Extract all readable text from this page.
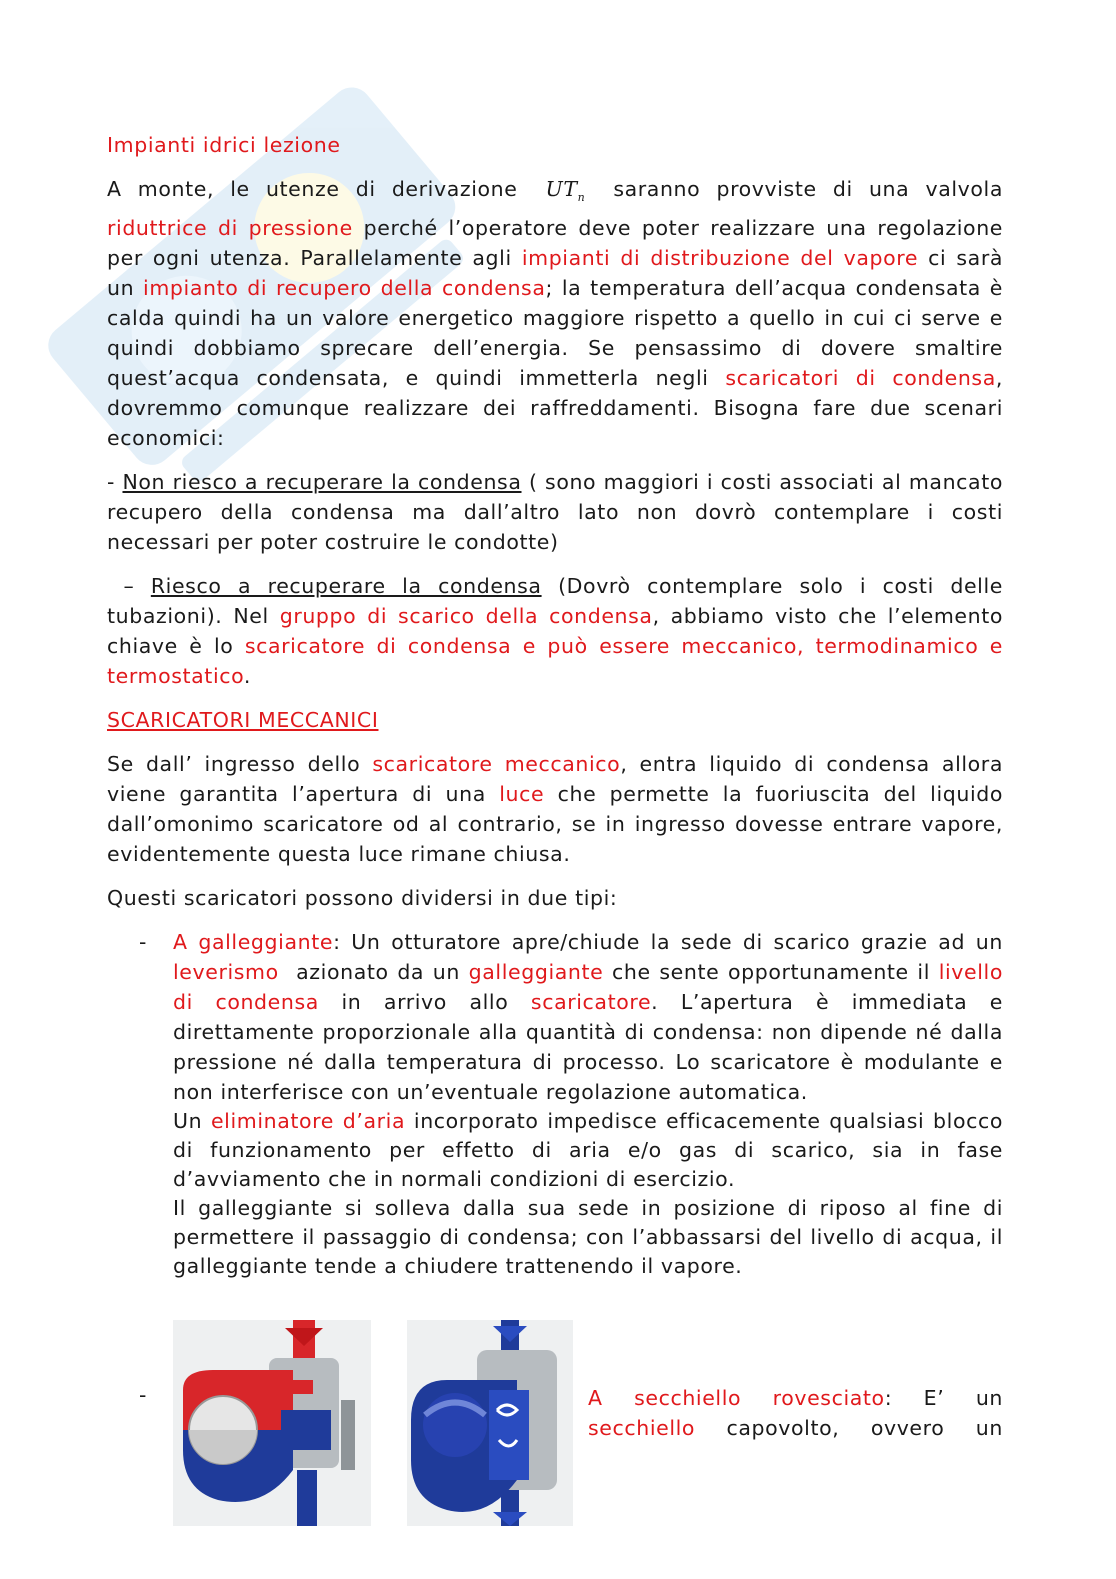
Impianti idrici lezione

A monte, le utenze di derivazione $UT_n$ saranno provviste di una valvola riduttrice di pressione perché l’operatore deve poter realizzare una regolazione per ogni utenza. Parallelamente agli impianti di distribuzione del vapore ci sarà un impianto di recupero della condensa; la temperatura dell’acqua condensata è calda quindi ha un valore energetico maggiore rispetto a quello in cui ci serve e quindi dobbiamo sprecare dell’energia. Se pensassimo di dovere smaltire quest’acqua condensata, e quindi immetterla negli scaricatori di condensa, dovremmo comunque realizzare dei raffreddamenti. Bisogna fare due scenari economici:

- Non riesco a recuperare la condensa ( sono maggiori i costi associati al mancato recupero della condensa ma dall’altro lato non dovrò contemplare i costi necessari per poter costruire le condotte)

– Riesco a recuperare la condensa (Dovrò contemplare solo i costi delle tubazioni). Nel gruppo di scarico della condensa, abbiamo visto che l’elemento chiave è lo scaricatore di condensa e può essere meccanico, termodinamico e termostatico.

SCARICATORI MECCANICI

Se dall’ ingresso dello scaricatore meccanico, entra liquido di condensa allora viene garantita l’apertura di una luce che permette la fuoriuscita del liquido dall’omonimo scaricatore od al contrario, se in ingresso dovesse entrare vapore, evidentemente questa luce rimane chiusa.

Questi scaricatori possono dividersi in due tipi:

- A galleggiante: Un otturatore apre/chiude la sede di scarico grazie ad un leverismo  azionato da un galleggiante che sente opportunamente il livello di condensa in arrivo allo scaricatore. L’apertura è immediata e direttamente proporzionale alla quantità di condensa: non dipende né dalla pressione né dalla temperatura di processo. Lo scaricatore è modulante e non interferisce con un’eventuale regolazione automatica.

Un eliminatore d’aria incorporato impedisce efficacemente qualsiasi blocco di funzionamento per effetto di aria e/o gas di scarico, sia in fase d’avviamento che in normali condizioni di esercizio.

Il galleggiante si solleva dalla sua sede in posizione di riposo al fine di permettere il passaggio di condensa; con l’abbassarsi del livello di acqua, il galleggiante tende a chiudere trattenendo il vapore.

-	A secchiello rovesciato: E’ un secchiello capovolto, ovvero un
